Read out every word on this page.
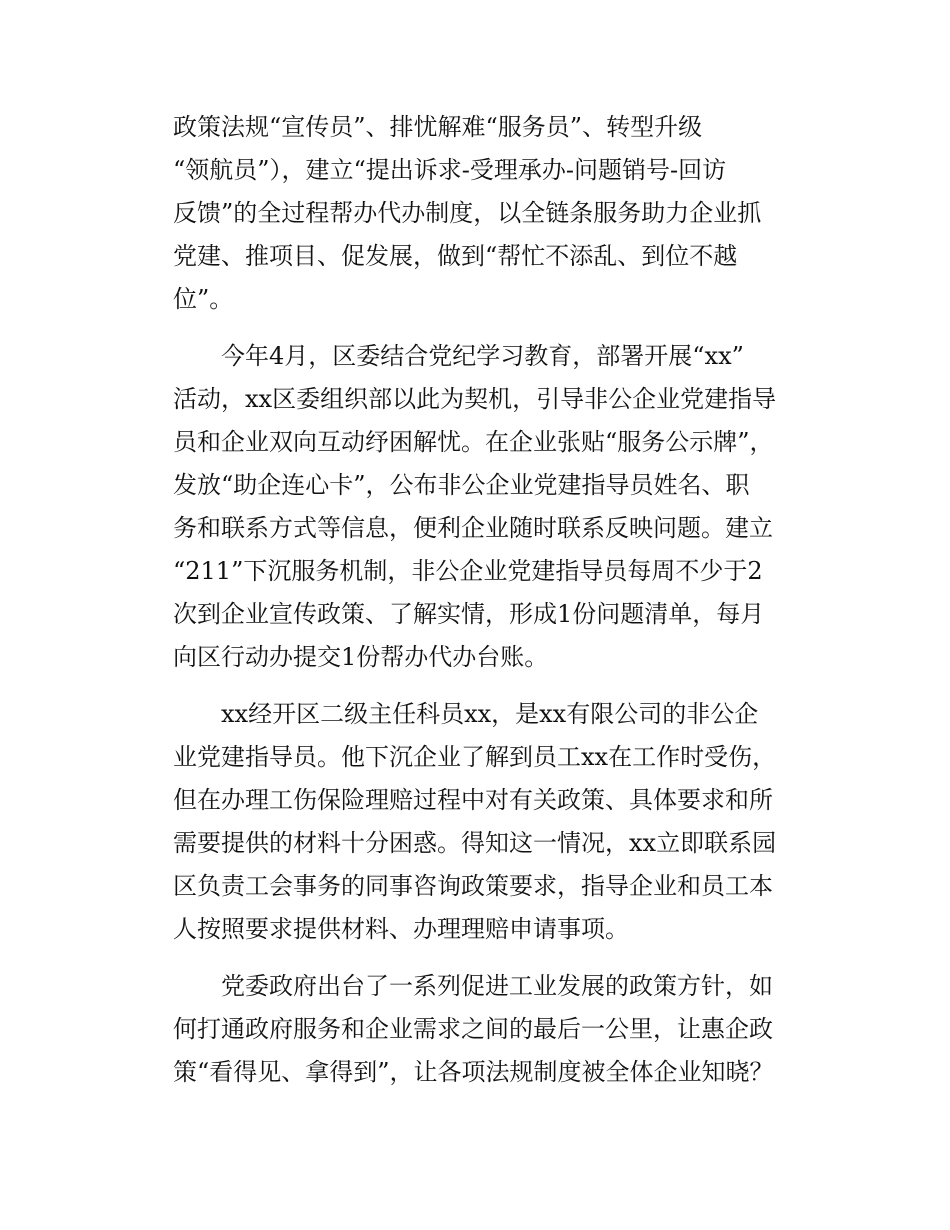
政策法规“宣传员”、排忧解难“服务员”、转型升级
“领航员”），建立“提出诉求-受理承办-问题销号-回访
反馈”的全过程帮办代办制度，以全链条服务助力企业抓
党建、推项目、促发展，做到“帮忙不添乱、到位不越
位”。

今年4月，区委结合党纪学习教育，部署开展“xx”
活动，xx区委组织部以此为契机，引导非公企业党建指导
员和企业双向互动纾困解忧。在企业张贴“服务公示牌”，
发放“助企连心卡”，公布非公企业党建指导员姓名、职
务和联系方式等信息，便利企业随时联系反映问题。建立
“211”下沉服务机制，非公企业党建指导员每周不少于2
次到企业宣传政策、了解实情，形成1份问题清单，每月
向区行动办提交1份帮办代办台账。

xx经开区二级主任科员xx，是xx有限公司的非公企
业党建指导员。他下沉企业了解到员工xx在工作时受伤，
但在办理工伤保险理赔过程中对有关政策、具体要求和所
需要提供的材料十分困惑。得知这一情况，xx立即联系园
区负责工会事务的同事咨询政策要求，指导企业和员工本
人按照要求提供材料、办理理赔申请事项。

党委政府出台了一系列促进工业发展的政策方针，如
何打通政府服务和企业需求之间的最后一公里，让惠企政
策“看得见、拿得到”，让各项法规制度被全体企业知晓？
